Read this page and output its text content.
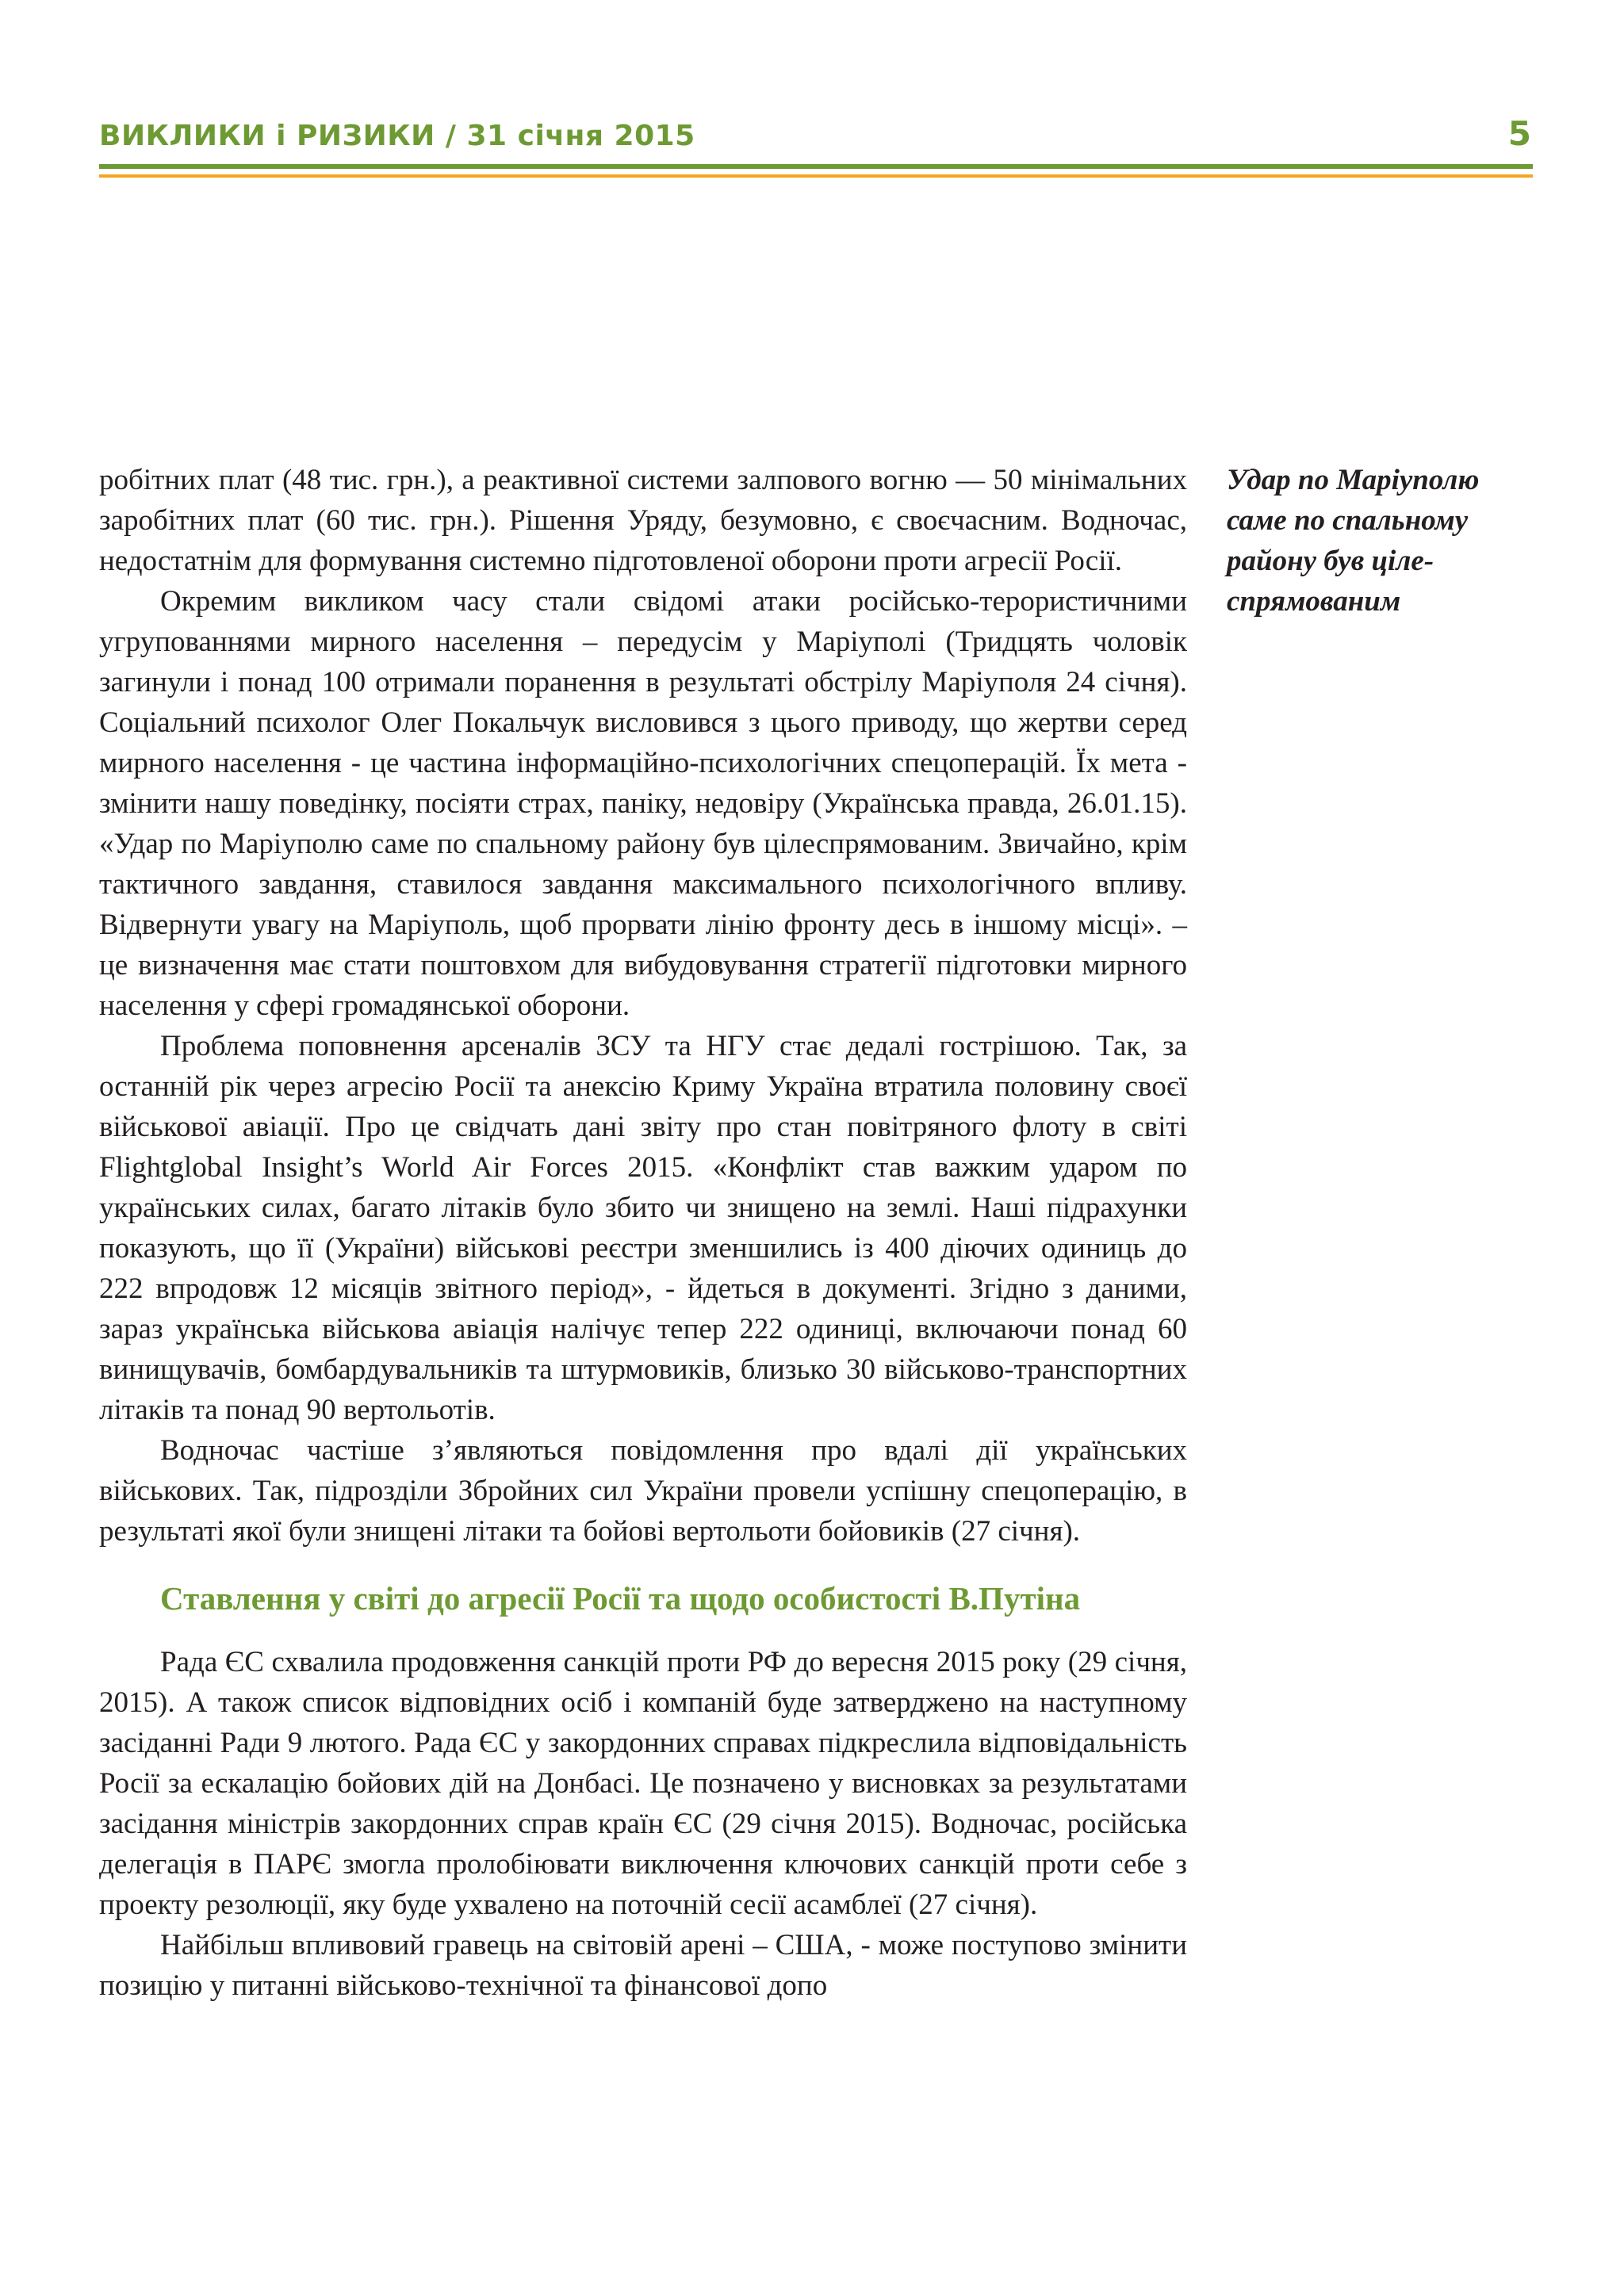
ВИКЛИКИ і РИЗИКИ / 31 січня 2015	5

робітних плат (48 тис. грн.), а реактивної системи залпового вогню — 50 мінімальних заробітних плат (60 тис. грн.). Рішення Уряду, безумовно, є своєчасним. Водночас, недостатнім для формування системно підготовленої оборони проти агресії Росії.

Окремим викликом часу стали свідомі атаки російсько-терористичними угрупованнями мирного населення – передусім у Маріуполі (Тридцять чоловік загинули і понад 100 отримали поранення в результаті обстрілу Маріуполя 24 січня). Соціальний психолог Олег Покальчук висловився з цього приводу, що жертви серед мирного населення - це частина інформаційно-психологічних спецоперацій. Їх мета - змінити нашу поведінку, посіяти страх, паніку, недовіру (Українська правда, 26.01.15). «Удар по Маріуполю саме по спальному району був цілеспрямованим. Звичайно, крім тактичного завдання, ставилося завдання максимального психологічного впливу. Відвернути увагу на Маріуполь, щоб прорвати лінію фронту десь в іншому місці». – це визначення має стати поштовхом для вибудовування стратегії підготовки мирного населення у сфері громадянської оборони.

Проблема поповнення арсеналів ЗСУ та НГУ стає дедалі гострішою. Так, за останній рік через агресію Росії та анексію Криму Україна втратила половину своєї військової авіації. Про це свідчать дані звіту про стан повітряного флоту в світі Flightglobal Insight’s World Air Forces 2015. «Конфлікт став важким ударом по українських силах, багато літаків було збито чи знищено на землі. Наші підрахунки показують, що її (України) військові реєстри зменшились із 400 діючих одиниць до 222 впродовж 12 місяців звітного період», - йдеться в документі. Згідно з даними, зараз українська військова авіація налічує тепер 222 одиниці, включаючи понад 60 винищувачів, бомбардувальників та штурмовиків, близько 30 військово-транспортних літаків та понад 90 вертольотів.

Водночас частіше з’являються повідомлення про вдалі дії українських військових. Так, підрозділи Збройних сил України провели успішну спецоперацію, в результаті якої були знищені літаки та бойові вертольоти бойовиків (27 січня).

Ставлення у світі до агресії Росії та щодо особистості В.Путіна

Рада ЄС схвалила продовження санкцій проти РФ до вересня 2015 року (29 січня, 2015). А також список відповідних осіб і компаній буде затверджено на наступному засіданні Ради 9 лютого. Рада ЄС у закордонних справах підкреслила відповідальність Росії за ескалацію бойових дій на Донбасі. Це позначено у висновках за результатами засідання міністрів закордонних справ країн ЄС (29 січня 2015). Водночас, російська делегація в ПАРЄ змогла пролобіювати виключення ключових санкцій проти себе з проекту резолюції, яку буде ухвалено на поточній сесії асамблеї (27 січня).

Найбільш впливовий гравець на світовій арені – США, - може поступово змінити позицію у питанні військово-технічної та фінансової допо

Удар по Маріуполю
саме по спальному
району був ціле-
спрямованим
